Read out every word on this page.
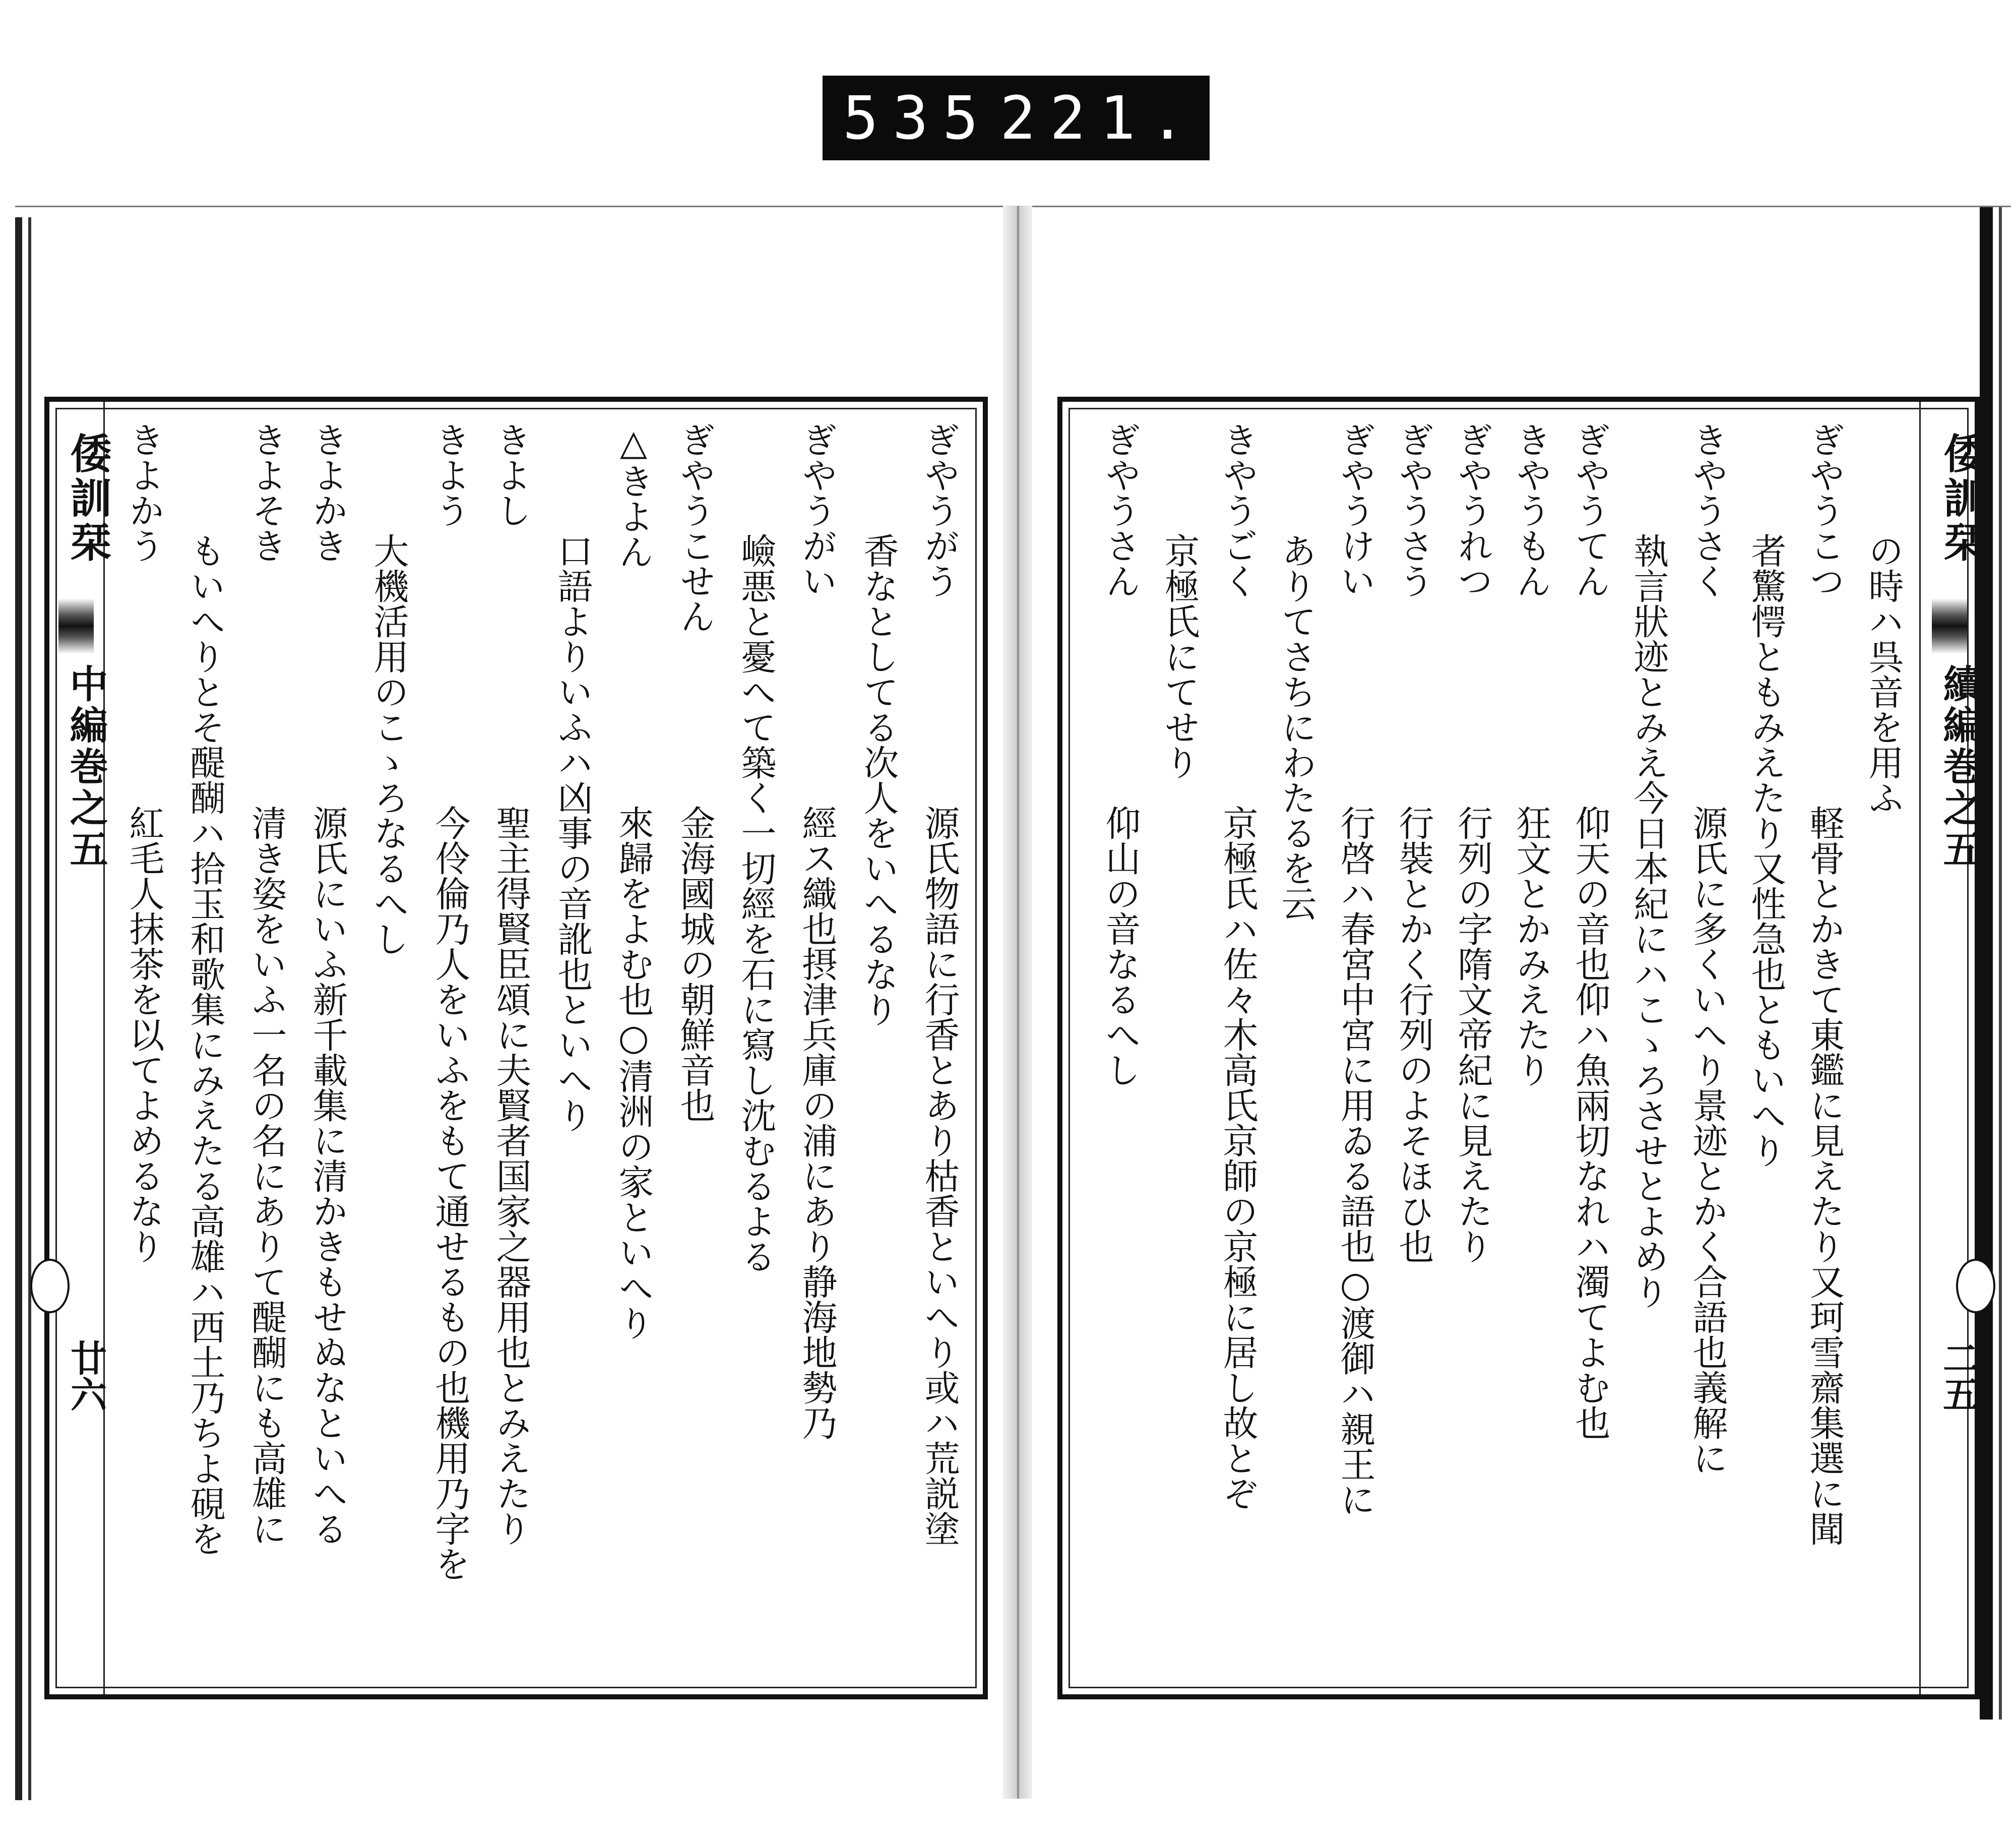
535 221.
倭訓栞
中編巻之五
廿六
ぎやうがう
源氏物語に行香とあり枯香といへり或ハ荒説塗
香なとしてる次人をいへるなり
ぎやうがい
經ス織也摂津兵庫の浦にあり静海地勢乃
嶮悪と憂へて築く一切經を石に寫し沈むるよる
ぎやうこせん
金海國城の朝鮮音也
△きよん
來歸をよむ也○清洲の家といへり
口語よりいふハ凶事の音訛也といへり
きよし
聖主得賢臣頌に夫賢者国家之器用也とみえたり
きよう
今伶倫乃人をいふをもて通せるもの也機用乃字を
大機活用のこゝろなるへし
きよかき
源氏にいふ新千載集に清かきもせぬなといへる
きよそき
清き姿をいふ一名の名にありて醍醐にも高雄に
もいへりとそ醍醐ハ拾玉和歌集にみえたる高雄ハ西土乃ちよ硯を
きよかう
紅毛人抹茶を以てよめるなり
倭訓栞
續編巻之五
二五
の時ハ呉音を用ふ
ぎやうこつ
軽骨とかきて東鑑に見えたり又珂雪齋集選に聞
者驚愕ともみえたり又性急也ともいへり
きやうさく
源氏に多くいへり景迹とかく合語也義解に
執言狀迹とみえ今日本紀にハこゝろさせとよめり
ぎやうてん
仰天の音也仰ハ魚兩切なれハ濁てよむ也
きやうもん
狂文とかみえたり
ぎやうれつ
行列の字隋文帝紀に見えたり
ぎやうさう
行裝とかく行列のよそほひ也
ぎやうけい
行啓ハ春宮中宮に用ゐる語也○渡御ハ親王に
ありてさちにわたるを云
きやうごく
京極氏ハ佐々木高氏京師の京極に居し故とぞ
京極氏にてせり
ぎやうさん
仰山の音なるへし
